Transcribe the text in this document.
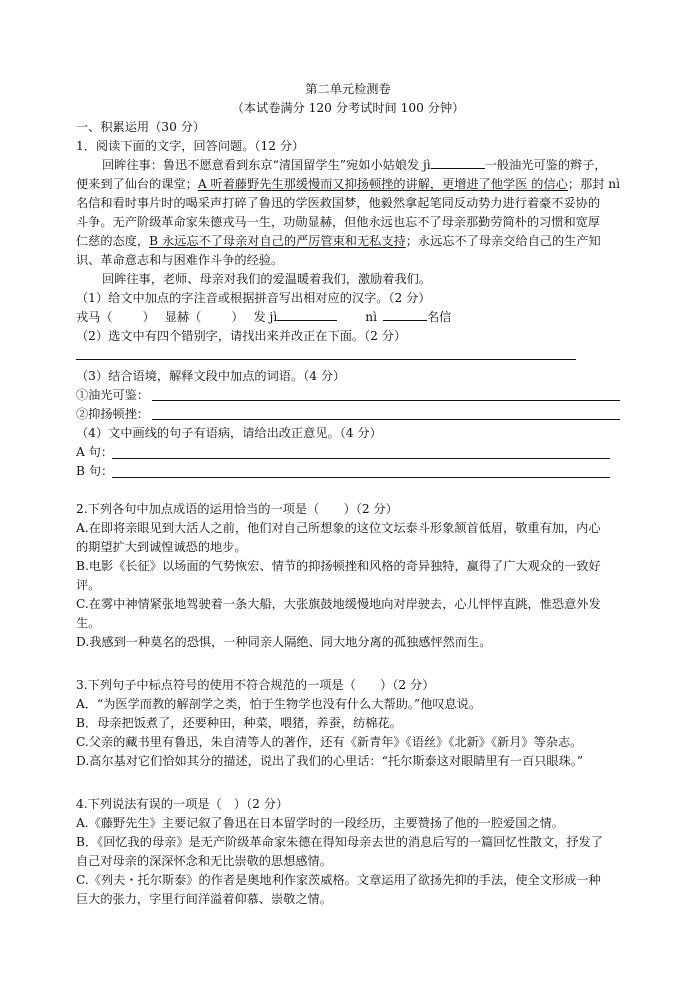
第二单元检测卷
（本试卷满分 120 分考试时间 100 分钟）
一、积累运用（30 分）
1．阅读下面的文字，回答问题。（12 分）
回眸往事：鲁迅不愿意看到东京“清国留学生”宛如小姑娘发 jì	一般油光可鉴的辫子，
便来到了仙台的课堂；A 听着藤野先生那缓慢而又抑扬顿挫的讲解，更增进了他学医 的信心；那封 nì
名信和看时事片时的喝采声打碎了鲁迅的学医救国梦，他毅然拿起笔同反动势力进行着豪不妥协的
斗争。无产阶级革命家朱德戎马一生，功勋显赫，但他永远也忘不了母亲那勤劳简朴的习惯和宽厚
仁慈的态度，B 永远忘不了母亲对自己的严厉管束和无私支持；永远忘不了母亲交给自己的生产知
识、革命意志和与困难作斗争的经验。
回眸往事，老师、母亲对我们的爱温暖着我们，激励着我们。
（1）给文中加点的字注音或根据拼音写出相对应的汉字。（2 分）
戎马（ ） 显赫（ ） 发 jì	nì	名信
（2）选文中有四个错别字，请找出来并改正在下面。（2 分）
（3）结合语境，解释文段中加点的词语。（4 分）
①油光可鉴：
②抑扬顿挫：
（4）文中画线的句子有语病，请给出改正意见。（4 分）
A 句：
B 句：
2.下列各句中加点成语的运用恰当的一项是（　　）（2 分）
A.在即将亲眼见到大活人之前，他们对自己所想象的这位文坛泰斗形象颔首低眉，敬重有加，内心
的期望扩大到诚惶诚恐的地步。
B.电影《长征》以场面的气势恢宏、情节的抑扬顿挫和风格的奇异独特，赢得了广大观众的一致好
评。
C.在雾中神情紧张地驾驶着一条大船，大张旗鼓地缓慢地向对岸驶去，心儿怦怦直跳，惟恐意外发
生。
D.我感到一种莫名的恐惧，一种同亲人隔绝、同大地分离的孤独感怦然而生。
3.下列句子中标点符号的使用不符合规范的一项是（　　）（2 分）
A．“为医学而教的解剖学之类，怕于生物学也没有什么大帮助。”他叹息说。
B．母亲把饭煮了，还要种田，种菜，喂猪，养蚕，纺棉花。
C.父亲的藏书里有鲁迅，朱自清等人的著作，还有《新青年》《语丝》《北新》《新月》等杂志。
D.高尔基对它们恰如其分的描述，说出了我们的心里话：“托尔斯泰这对眼睛里有一百只眼珠。”
4.下列说法有误的一项是（　）（2 分）
A.《藤野先生》主要记叙了鲁迅在日本留学时的一段经历，主要赞扬了他的一腔爱国之情。
B．《回忆我的母亲》是无产阶级革命家朱德在得知母亲去世的消息后写的一篇回忆性散文，抒发了
自己对母亲的深深怀念和无比崇敬的思想感情。
C.《列夫・托尔斯泰》的作者是奥地利作家茨威格。文章运用了欲扬先抑的手法，使全文形成一种
巨大的张力，字里行间洋溢着仰慕、崇敬之情。
